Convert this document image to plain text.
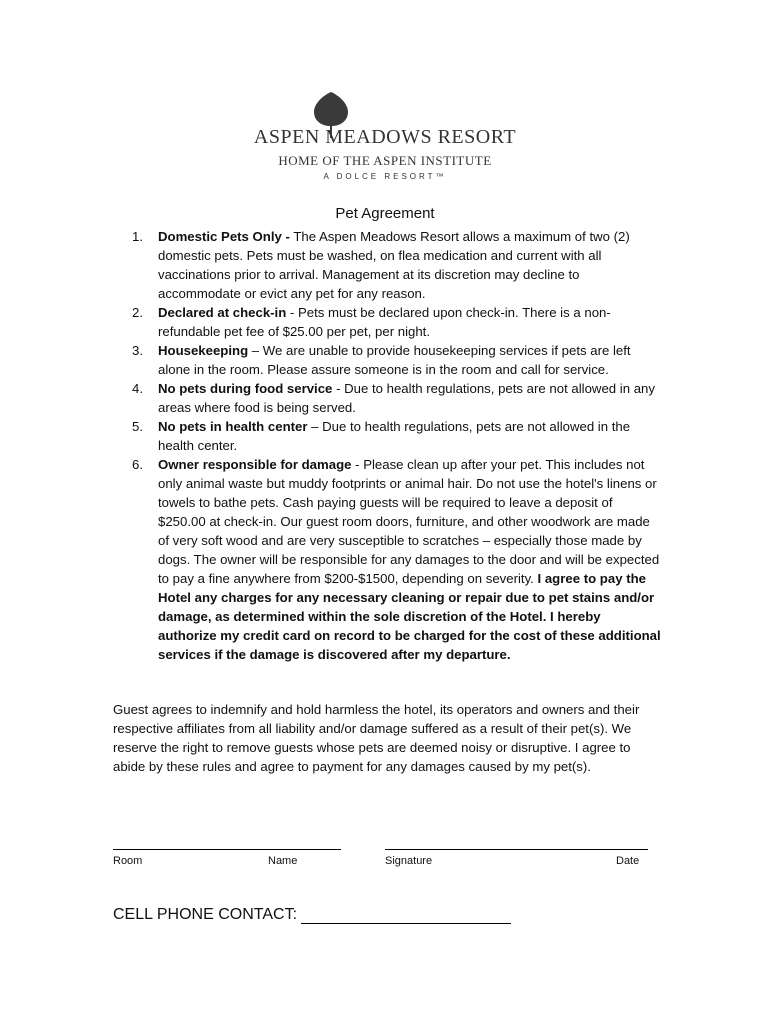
ASPEN MEADOWS RESORT
HOME OF THE ASPEN INSTITUTE
A DOLCE RESORT™
Pet Agreement
1.	Domestic Pets Only - The Aspen Meadows Resort allows a maximum of two (2) domestic pets. Pets must be washed, on flea medication and current with all vaccinations prior to arrival. Management at its discretion may decline to accommodate or evict any pet for any reason.
2.	Declared at check-in - Pets must be declared upon check-in. There is a non-refundable pet fee of $25.00 per pet, per night.
3.	Housekeeping – We are unable to provide housekeeping services if pets are left alone in the room. Please assure someone is in the room and call for service.
4.	No pets during food service - Due to health regulations, pets are not allowed in any areas where food is being served.
5.	No pets in health center – Due to health regulations, pets are not allowed in the health center.
6.	Owner responsible for damage - Please clean up after your pet. This includes not only animal waste but muddy footprints or animal hair. Do not use the hotel's linens or towels to bathe pets. Cash paying guests will be required to leave a deposit of $250.00 at check-in. Our guest room doors, furniture, and other woodwork are made of very soft wood and are very susceptible to scratches – especially those made by dogs. The owner will be responsible for any damages to the door and will be expected to pay a fine anywhere from $200-$1500, depending on severity. I agree to pay the Hotel any charges for any necessary cleaning or repair due to pet stains and/or damage, as determined within the sole discretion of the Hotel. I hereby authorize my credit card on record to be charged for the cost of these additional services if the damage is discovered after my departure.

Guest agrees to indemnify and hold harmless the hotel, its operators and owners and their respective affiliates from all liability and/or damage suffered as a result of their pet(s). We reserve the right to remove guests whose pets are deemed noisy or disruptive. I agree to abide by these rules and agree to payment for any damages caused by my pet(s).

Room	Name	Signature	Date
CELL PHONE CONTACT:
